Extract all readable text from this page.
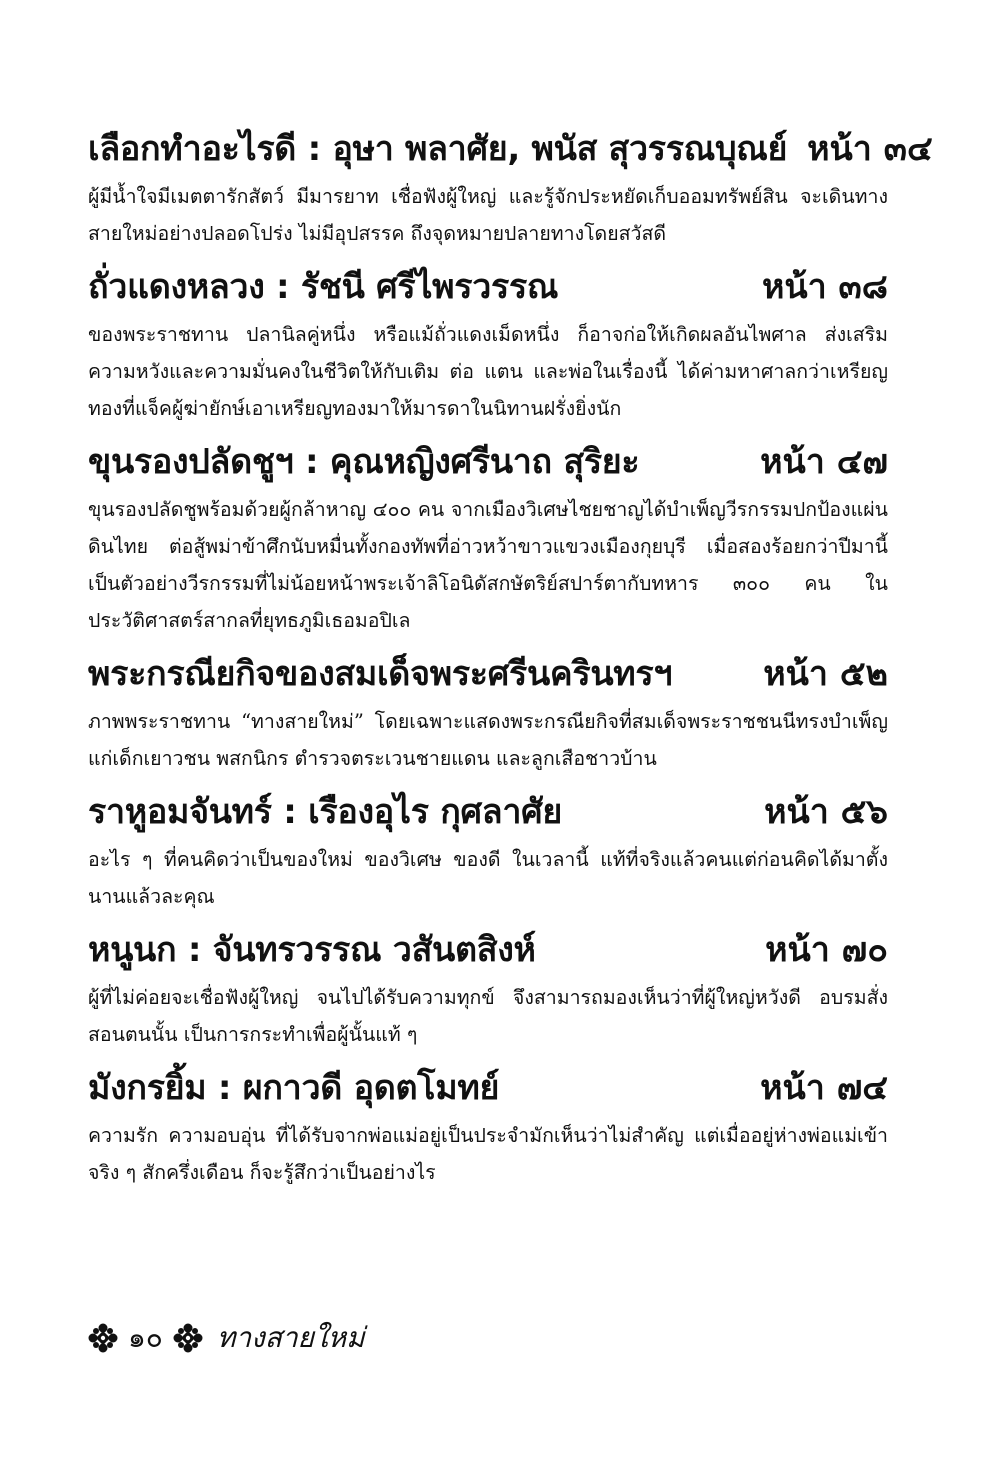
เลือกทำอะไรดี : อุษา พลาศัย, พนัส สุวรรณบุณย์ หน้า ๓๔

ผู้มีน้ำใจมีเมตตารักสัตว์ มีมารยาท เชื่อฟังผู้ใหญ่ และรู้จักประหยัดเก็บออมทรัพย์สิน จะเดินทางสายใหม่อย่างปลอดโปร่ง ไม่มีอุปสรรค ถึงจุดหมายปลายทางโดยสวัสดี

ถั่วแดงหลวง : รัชนี ศรีไพรวรรณ	หน้า ๓๘

ของพระราชทาน ปลานิลคู่หนึ่ง หรือแม้ถั่วแดงเม็ดหนึ่ง ก็อาจก่อให้เกิดผลอันไพศาล ส่งเสริมความหวังและความมั่นคงในชีวิตให้กับเติม ต่อ แตน และพ่อในเรื่องนี้ ได้ค่ามหาศาลกว่าเหรียญทองที่แจ็คผู้ฆ่ายักษ์เอาเหรียญทองมาให้มารดาในนิทานฝรั่งยิ่งนัก

ขุนรองปลัดชูฯ : คุณหญิงศรีนาถ สุริยะ	หน้า ๔๗

ขุนรองปลัดชูพร้อมด้วยผู้กล้าหาญ ๔๐๐ คน จากเมืองวิเศษไชยชาญได้บำเพ็ญวีรกรรมปกป้องแผ่นดินไทย ต่อสู้พม่าข้าศึกนับหมื่นทั้งกองทัพที่อ่าวหว้าขาวแขวงเมืองกุยบุรี เมื่อสองร้อยกว่าปีมานี้ เป็นตัวอย่างวีรกรรมที่ไม่น้อยหน้าพระเจ้าลิโอนิดัสกษัตริย์สปาร์ตากับทหาร ๓๐๐ คน ในประวัติศาสตร์สากลที่ยุทธภูมิเธอมอปิเล

พระกรณียกิจของสมเด็จพระศรีนครินทรฯ	หน้า ๕๒

ภาพพระราชทาน “ทางสายใหม่” โดยเฉพาะแสดงพระกรณียกิจที่สมเด็จพระราชชนนีทรงบำเพ็ญแก่เด็กเยาวชน พสกนิกร ตำรวจตระเวนชายแดน และลูกเสือชาวบ้าน

ราหูอมจันทร์ : เรืองอุไร กุศลาศัย	หน้า ๕๖

อะไร ๆ ที่คนคิดว่าเป็นของใหม่ ของวิเศษ ของดี ในเวลานี้ แท้ที่จริงแล้วคนแต่ก่อนคิดได้มาตั้งนานแล้วละคุณ

หนูนก : จันทรวรรณ วสันตสิงห์	หน้า ๗๐

ผู้ที่ไม่ค่อยจะเชื่อฟังผู้ใหญ่ จนไปได้รับความทุกข์ จึงสามารถมองเห็นว่าที่ผู้ใหญ่หวังดี อบรมสั่งสอนตนนั้น เป็นการกระทำเพื่อผู้นั้นแท้ ๆ

มังกรยิ้ม : ผกาวดี อุดตโมทย์	หน้า ๗๔

ความรัก ความอบอุ่น ที่ได้รับจากพ่อแม่อยู่เป็นประจำมักเห็นว่าไม่สำคัญ แต่เมื่ออยู่ห่างพ่อแม่เข้าจริง ๆ สักครึ่งเดือน ก็จะรู้สึกว่าเป็นอย่างไร

๑๐ ทางสายใหม่
